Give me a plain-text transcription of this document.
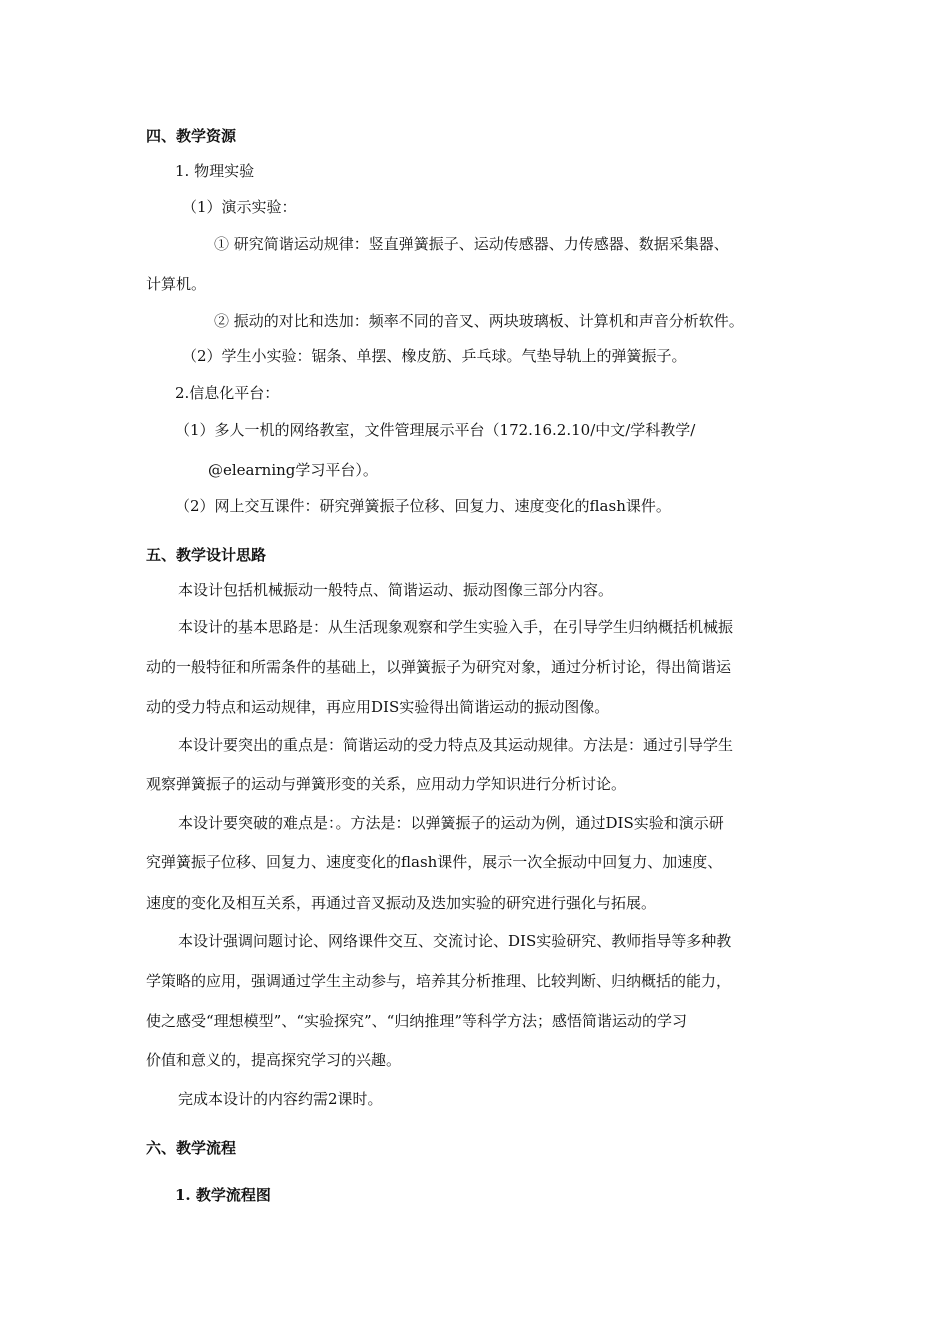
四、教学资源
1. 物理实验
（1）演示实验：
① 研究简谐运动规律：竖直弹簧振子、运动传感器、力传感器、数据采集器、
计算机。
② 振动的对比和迭加：频率不同的音叉、两块玻璃板、计算机和声音分析软件。
（2）学生小实验：锯条、单摆、橡皮筋、乒乓球。气垫导轨上的弹簧振子。
2.信息化平台：
（1）多人一机的网络教室，文件管理展示平台（172.16.2.10/中文/学科教学/
@elearning学习平台）。
（2）网上交互课件：研究弹簧振子位移、回复力、速度变化的flash课件。
五、教学设计思路
本设计包括机械振动一般特点、简谐运动、振动图像三部分内容。
本设计的基本思路是：从生活现象观察和学生实验入手，在引导学生归纳概括机械振
动的一般特征和所需条件的基础上，以弹簧振子为研究对象，通过分析讨论，得出简谐运
动的受力特点和运动规律，再应用DIS实验得出简谐运动的振动图像。
本设计要突出的重点是：简谐运动的受力特点及其运动规律。方法是：通过引导学生
观察弹簧振子的运动与弹簧形变的关系，应用动力学知识进行分析讨论。
本设计要突破的难点是：。方法是：以弹簧振子的运动为例，通过DIS实验和演示研
究弹簧振子位移、回复力、速度变化的flash课件，展示一次全振动中回复力、加速度、
速度的变化及相互关系，再通过音叉振动及迭加实验的研究进行强化与拓展。
本设计强调问题讨论、网络课件交互、交流讨论、DIS实验研究、教师指导等多种教
学策略的应用，强调通过学生主动参与，培养其分析推理、比较判断、归纳概括的能力，
使之感受“理想模型”、“实验探究”、“归纳推理”等科学方法；感悟简谐运动的学习
价值和意义的，提高探究学习的兴趣。
完成本设计的内容约需2课时。
六、教学流程
1. 教学流程图
